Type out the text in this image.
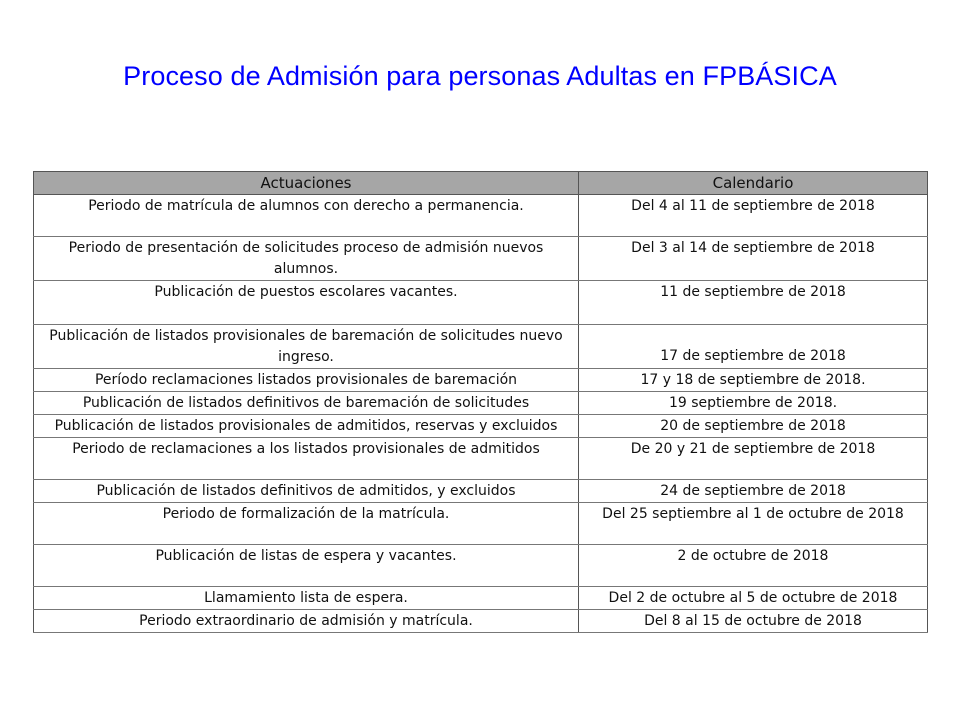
Proceso de Admisión para personas Adultas en FPBÁSICA
Actuaciones	Calendario
Periodo de matrícula de alumnos con derecho a permanencia.	Del 4 al 11 de septiembre de 2018
Periodo de presentación de solicitudes proceso de admisión nuevos alumnos.	Del 3 al 14 de septiembre de 2018
Publicación de puestos escolares vacantes.	11 de septiembre de 2018
Publicación de listados provisionales de baremación de solicitudes nuevo ingreso.	17 de septiembre de 2018
Período reclamaciones listados provisionales de baremación	17 y 18 de septiembre de 2018.
Publicación de listados definitivos de baremación de solicitudes	19 septiembre de 2018.
Publicación de listados provisionales de admitidos, reservas y excluidos	20 de septiembre de 2018
Periodo de reclamaciones a los listados provisionales de admitidos	De 20 y 21 de septiembre de 2018
Publicación de listados definitivos de admitidos, y excluidos	24 de septiembre de 2018
Periodo de formalización de la matrícula.	Del 25 septiembre al 1 de octubre de 2018
Publicación de listas de espera y vacantes.	2 de octubre de 2018
Llamamiento lista de espera.	Del 2 de octubre al 5 de octubre de 2018
Periodo extraordinario de admisión y matrícula.	Del 8 al 15 de octubre de 2018
